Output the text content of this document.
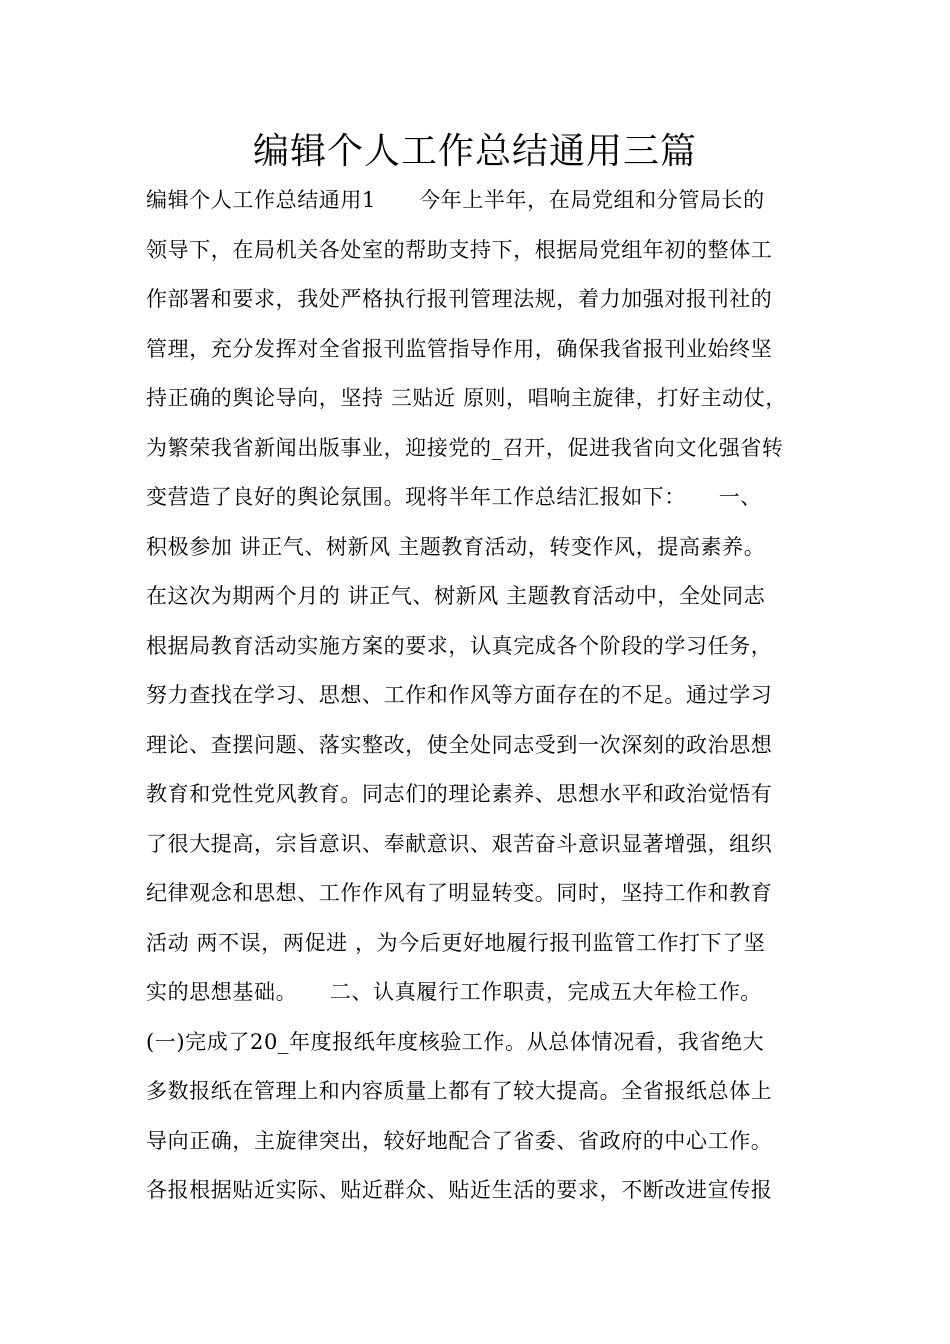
编辑个人工作总结通用三篇
编辑个人工作总结通用1　　今年上半年，在局党组和分管局长的
领导下，在局机关各处室的帮助支持下，根据局党组年初的整体工
作部署和要求，我处严格执行报刊管理法规，着力加强对报刊社的
管理，充分发挥对全省报刊监管指导作用，确保我省报刊业始终坚
持正确的舆论导向，坚持 三贴近 原则，唱响主旋律，打好主动仗，
为繁荣我省新闻出版事业，迎接党的_召开，促进我省向文化强省转
变营造了良好的舆论氛围。现将半年工作总结汇报如下：　　一、
积极参加 讲正气、树新风 主题教育活动，转变作风，提高素养。
在这次为期两个月的 讲正气、树新风 主题教育活动中，全处同志
根据局教育活动实施方案的要求，认真完成各个阶段的学习任务，
努力查找在学习、思想、工作和作风等方面存在的不足。通过学习
理论、查摆问题、落实整改，使全处同志受到一次深刻的政治思想
教育和党性党风教育。同志们的理论素养、思想水平和政治觉悟有
了很大提高，宗旨意识、奉献意识、艰苦奋斗意识显著增强，组织
纪律观念和思想、工作作风有了明显转变。同时，坚持工作和教育
活动 两不误，两促进 ，为今后更好地履行报刊监管工作打下了坚
实的思想基础。　　二、认真履行工作职责，完成五大年检工作。
(一)完成了20_年度报纸年度核验工作。从总体情况看，我省绝大
多数报纸在管理上和内容质量上都有了较大提高。全省报纸总体上
导向正确，主旋律突出，较好地配合了省委、省政府的中心工作。
各报根据贴近实际、贴近群众、贴近生活的要求，不断改进宣传报
